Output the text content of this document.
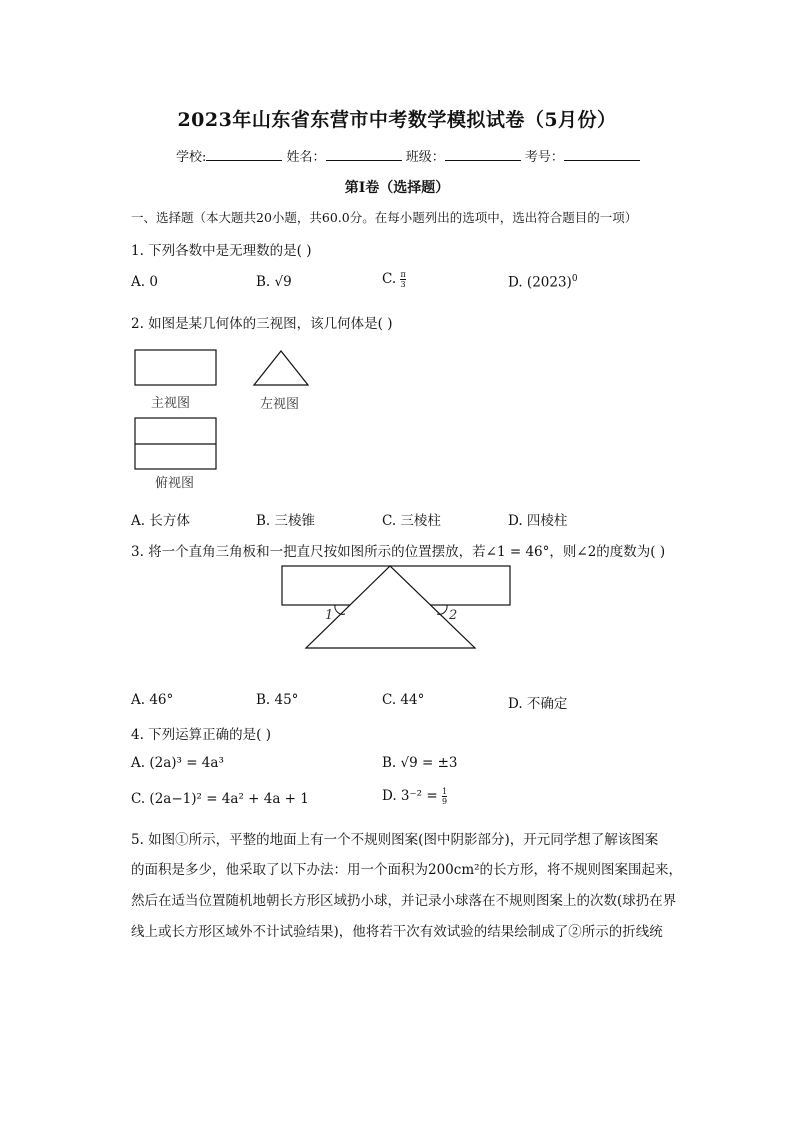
2023年山东省东营市中考数学模拟试卷（5月份）
学校:	姓名：	班级：	考号：
第I卷（选择题）
一、选择题（本大题共20小题，共60.0分。在每小题列出的选项中，选出符合题目的一项）
1. 下列各数中是无理数的是( )
A. 0	B. √9	C. $\frac{\pi}{3}$	D. $(2023)^0$
2. 如图是某几何体的三视图，该几何体是( )
主视图	左视图
俯视图
A. 长方体	B. 三棱锥	C. 三棱柱	D. 四棱柱
3. 将一个直角三角板和一把直尺按如图所示的位置摆放，若∠1 = 46°，则∠2的度数为( )
1	2
A. 46°	B. 45°	C. 44°	D. 不确定
4. 下列运算正确的是( )
A. (2a)³ = 4a³	B. √9 = ±3
C. (2a−1)² = 4a² + 4a + 1	D. $3^{-2} = \frac{1}{9}$
5. 如图①所示，平整的地面上有一个不规则图案(图中阴影部分)，开元同学想了解该图案
的面积是多少，他采取了以下办法：用一个面积为200cm²的长方形，将不规则图案围起来，
然后在适当位置随机地朝长方形区域扔小球，并记录小球落在不规则图案上的次数(球扔在界
线上或长方形区域外不计试验结果)，他将若干次有效试验的结果绘制成了②所示的折线统
